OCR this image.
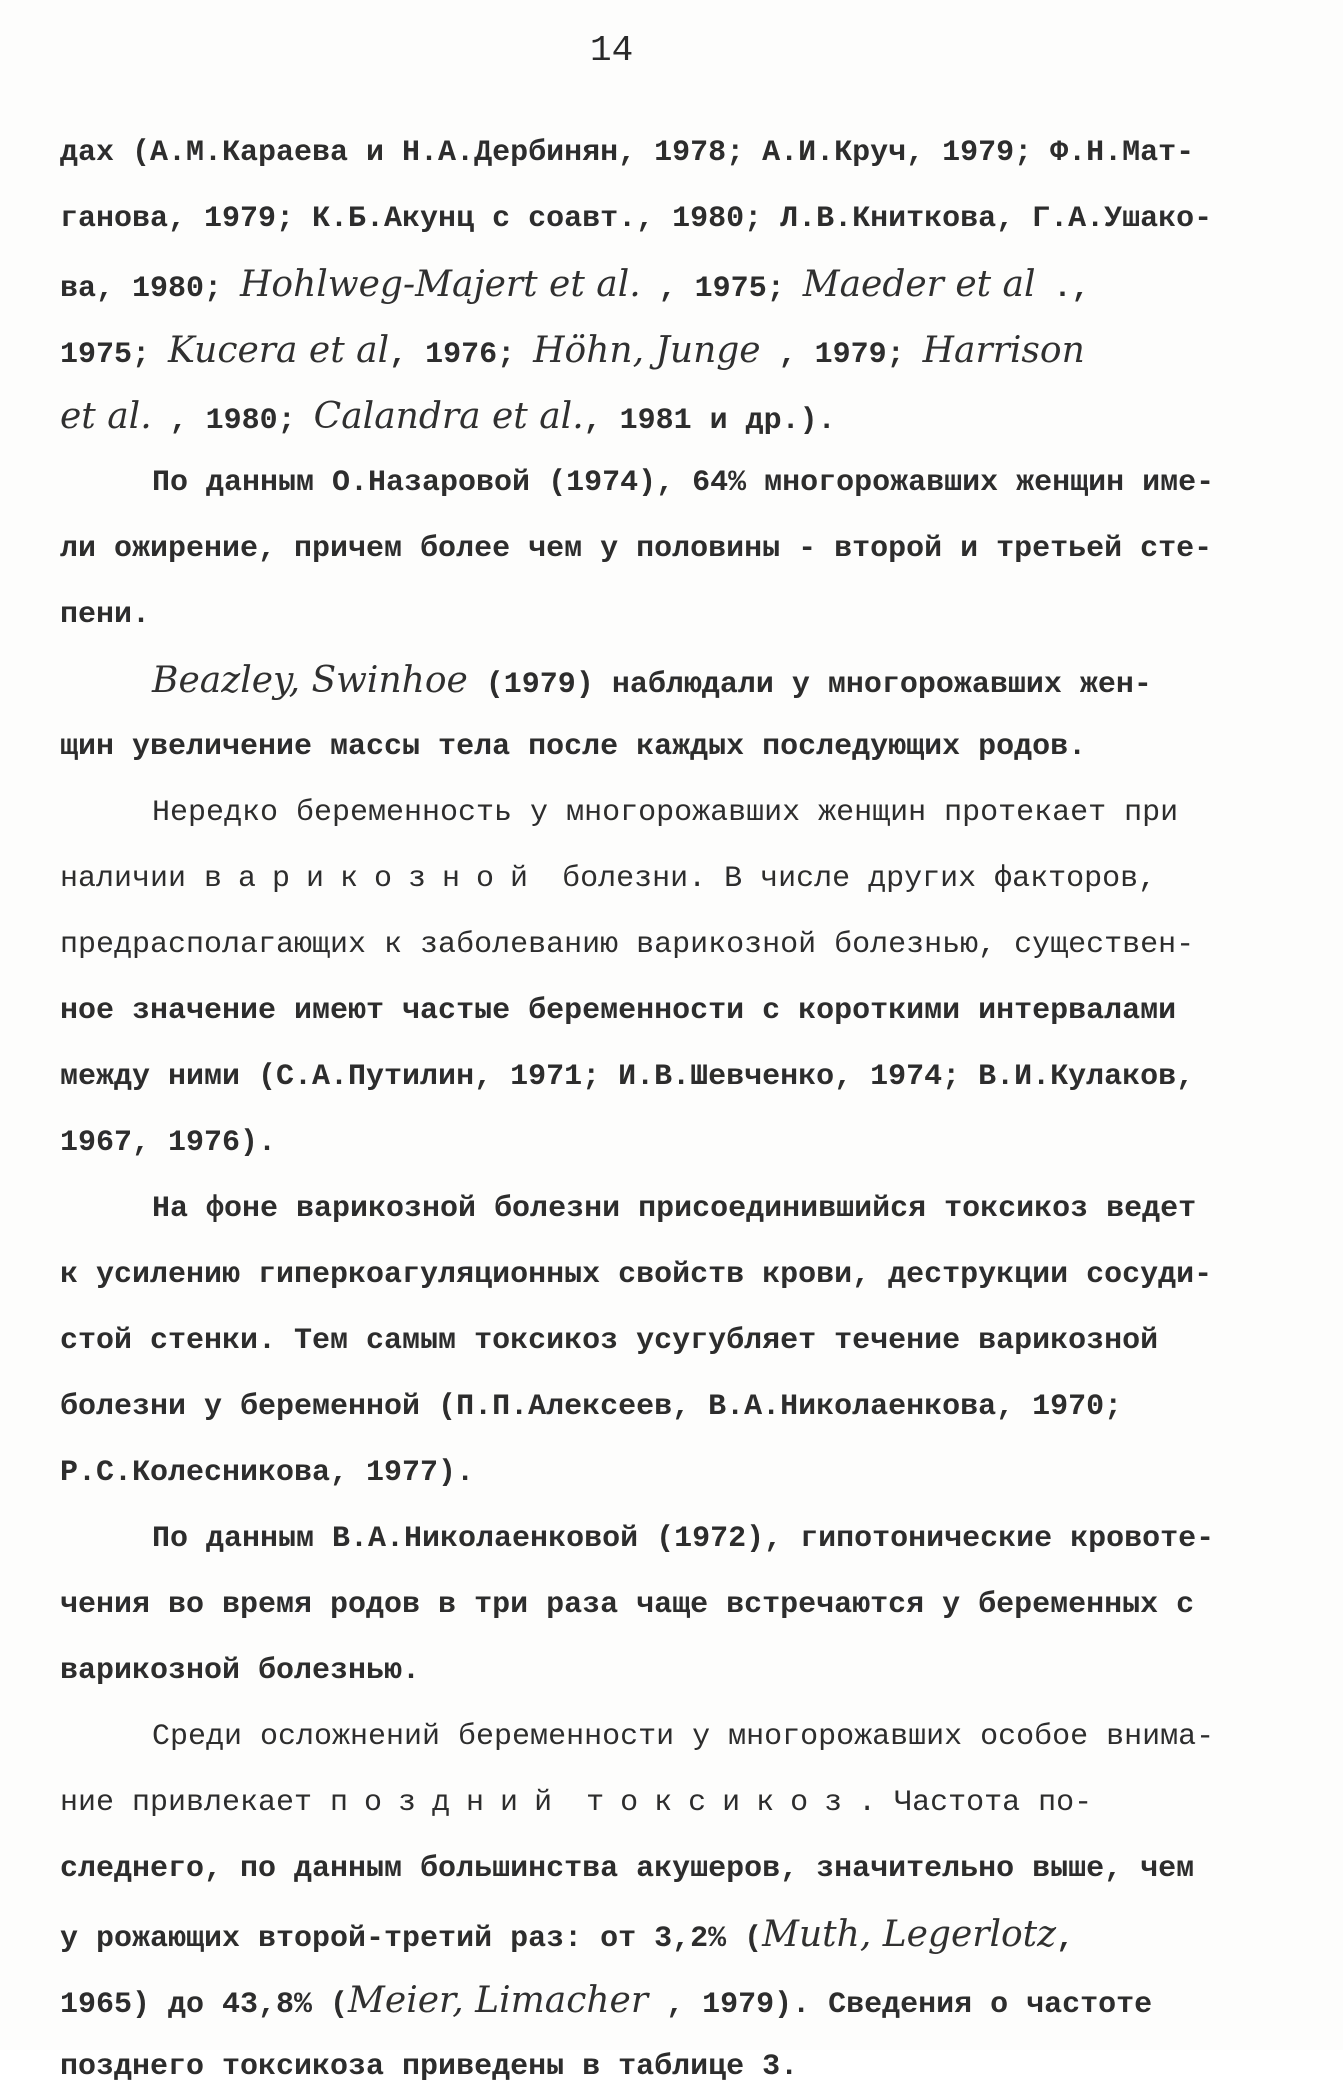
14
дах (А.М.Караева и Н.А.Дербинян, 1978; А.И.Круч, 1979; Ф.Н.Мат-
ганова, 1979; К.Б.Акунц с соавт., 1980; Л.В.Книткова, Г.А.Ушако-
ва, 1980; Hohlweg-Majert et al. , 1975; Maeder et al .,
1975; Kucera et al, 1976; Höhn, Junge , 1979; Harrison
et al. , 1980; Calandra et al., 1981 и др.).
По данным О.Назаровой (1974), 64% многорожавших женщин име-
ли ожирение, причем более чем у половины - второй и третьей сте-
пени.
Beazley, Swinhoe (1979) наблюдали у многорожавших жен-
щин увеличение массы тела после каждых последующих родов.
Нередко беременность у многорожавших женщин протекает при
наличии варикозной болезни. В числе других факторов,
предрасполагающих к заболеванию варикозной болезнью, существен-
ное значение имеют частые беременности с короткими интервалами
между ними (С.А.Путилин, 1971; И.В.Шевченко, 1974; В.И.Кулаков,
1967, 1976).
На фоне варикозной болезни присоединившийся токсикоз ведет
к усилению гиперкоагуляционных свойств крови, деструкции сосуди-
стой стенки. Тем самым токсикоз усугубляет течение варикозной
болезни у беременной (П.П.Алексеев, В.А.Николаенкова, 1970;
Р.С.Колесникова, 1977).
По данным В.А.Николаенковой (1972), гипотонические кровоте-
чения во время родов в три раза чаще встречаются у беременных с
варикозной болезнью.
Среди осложнений беременности у многорожавших особое внима-
ние привлекает поздний токсикоз. Частота по-
следнего, по данным большинства акушеров, значительно выше, чем
у рожающих второй-третий раз: от 3,2% (Muth, Legerlotz,
1965) до 43,8% (Meier, Limacher , 1979). Сведения о частоте
позднего токсикоза приведены в таблице 3.
